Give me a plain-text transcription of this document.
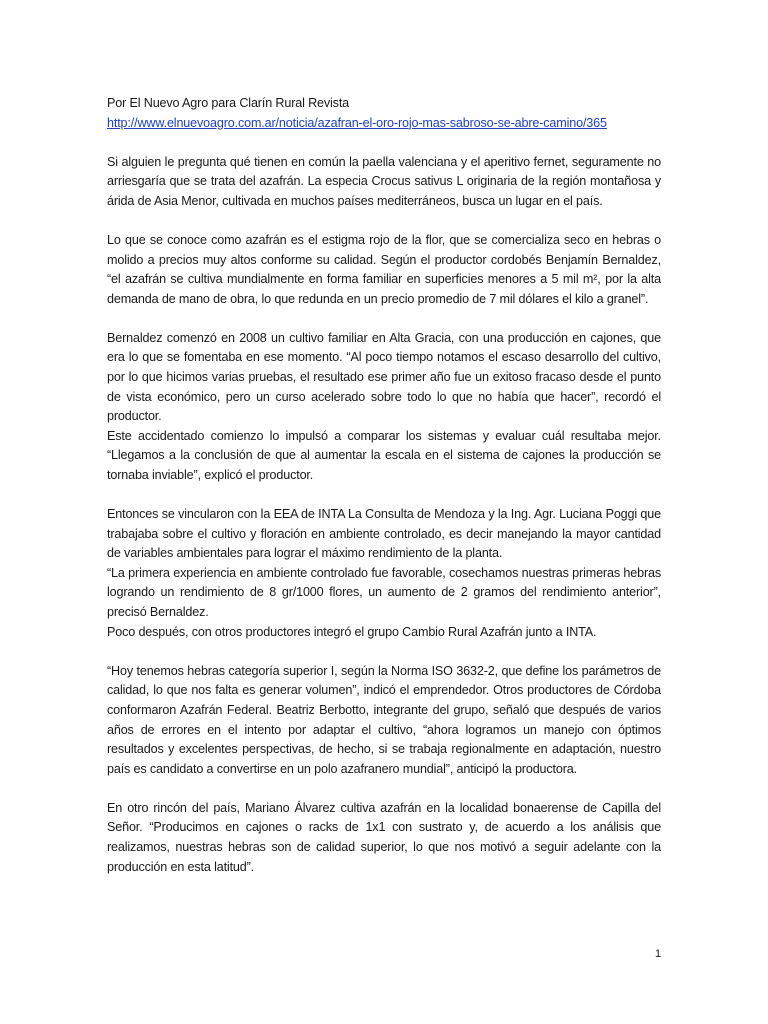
Por El Nuevo Agro para Clarín Rural Revista

http://www.elnuevoagro.com.ar/noticia/azafran-el-oro-rojo-mas-sabroso-se-abre-camino/365

Si alguien le pregunta qué tienen en común la paella valenciana y el aperitivo fernet, seguramente no arriesgaría que se trata del azafrán. La especia Crocus sativus L originaria de la región montañosa y árida de Asia Menor, cultivada en muchos países mediterráneos, busca un lugar en el país.

Lo que se conoce como azafrán es el estigma rojo de la flor, que se comercializa seco en hebras o molido a precios muy altos conforme su calidad. Según el productor cordobés Benjamín Bernaldez, “el azafrán se cultiva mundialmente en forma familiar en superficies menores a 5 mil m², por la alta demanda de mano de obra, lo que redunda en un precio promedio de 7 mil dólares el kilo a granel”.

Bernaldez comenzó en 2008 un cultivo familiar en Alta Gracia, con una producción en cajones, que era lo que se fomentaba en ese momento. “Al poco tiempo notamos el escaso desarrollo del cultivo, por lo que hicimos varias pruebas, el resultado ese primer año fue un exitoso fracaso desde el punto de vista económico, pero un curso acelerado sobre todo lo que no había que hacer”, recordó el productor.

Este accidentado comienzo lo impulsó a comparar los sistemas y evaluar cuál resultaba mejor. “Llegamos a la conclusión de que al aumentar la escala en el sistema de cajones la producción se tornaba inviable”, explicó el productor.

Entonces se vincularon con la EEA de INTA La Consulta de Mendoza y la Ing. Agr. Luciana Poggi que trabajaba sobre el cultivo y floración en ambiente controlado, es decir manejando la mayor cantidad de variables ambientales para lograr el máximo rendimiento de la planta.

“La primera experiencia en ambiente controlado fue favorable, cosechamos nuestras primeras hebras logrando un rendimiento de 8 gr/1000 flores, un aumento de 2 gramos del rendimiento anterior”, precisó Bernaldez.

Poco después, con otros productores integró el grupo Cambio Rural Azafrán junto a INTA.

“Hoy tenemos hebras categoría superior I, según la Norma ISO 3632-2, que define los parámetros de calidad, lo que nos falta es generar volumen”, indicó el emprendedor. Otros productores de Córdoba conformaron Azafrán Federal. Beatriz Berbotto, integrante del grupo, señaló que después de varios años de errores en el intento por adaptar el cultivo, “ahora logramos un manejo con óptimos resultados y excelentes perspectivas, de hecho, si se trabaja regionalmente en adaptación, nuestro país es candidato a convertirse en un polo azafranero mundial”, anticipó la productora.

En otro rincón del país, Mariano Álvarez cultiva azafrán en la localidad bonaerense de Capilla del Señor. “Producimos en cajones o racks de 1x1 con sustrato y, de acuerdo a los análisis que realizamos, nuestras hebras son de calidad superior, lo que nos motivó a seguir adelante con la producción en esta latitud”.

1
